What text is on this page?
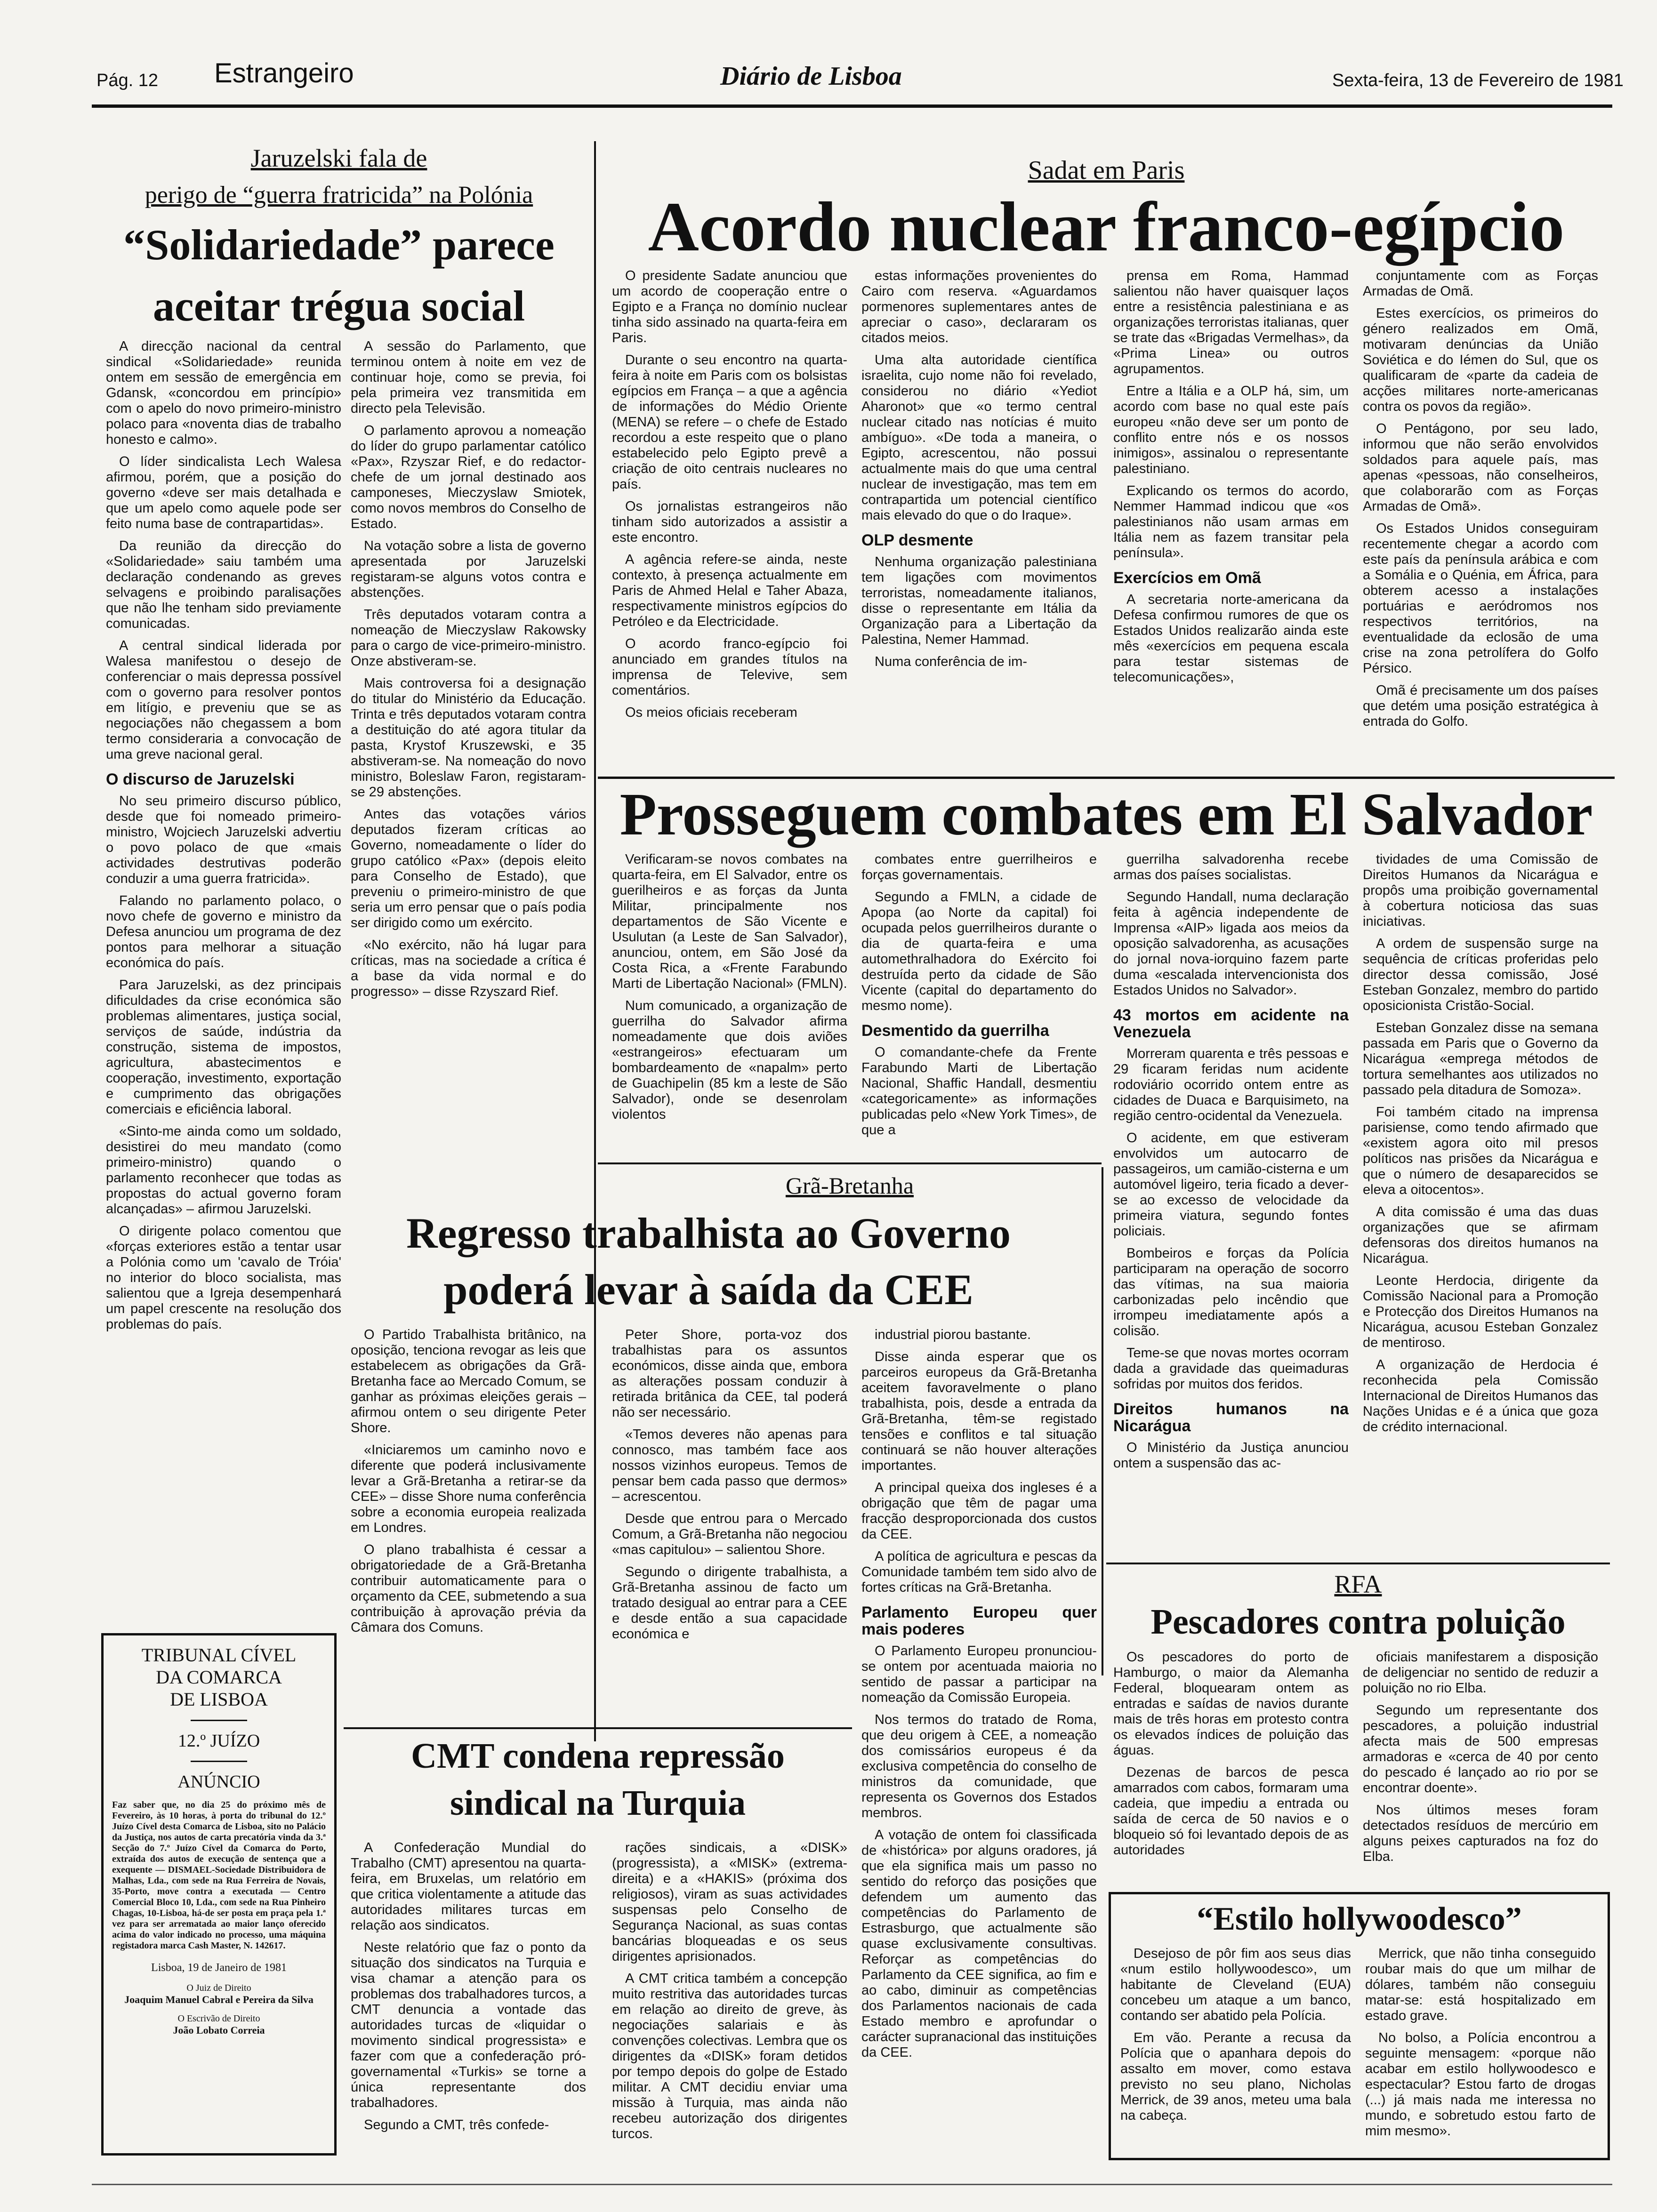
Pág. 12 Estrangeiro	Diário de Lisboa	Sexta-feira, 13 de Fevereiro de 1981
Jaruzelski fala de
perigo de “guerra fratricida” na Polónia
“Solidariedade” parece
aceitar trégua social

A direcção nacional da central sindical «Solidariedade» reunida ontem em sessão de emergência em Gdansk, «concordou em princípio» com o apelo do novo primeiro-ministro polaco para «noventa dias de trabalho honesto e calmo».

O líder sindicalista Lech Walesa afirmou, porém, que a posição do governo «deve ser mais detalhada e que um apelo como aquele pode ser feito numa base de contrapartidas».

Da reunião da direcção do «Solidariedade» saiu também uma declaração condenando as greves selvagens e proibindo paralisações que não lhe tenham sido previamente comunicadas.

A central sindical liderada por Walesa manifestou o desejo de conferenciar o mais depressa possível com o governo para resolver pontos em litígio, e preveniu que se as negociações não chegassem a bom termo consideraria a convocação de uma greve nacional geral.

O discurso de Jaruzelski

No seu primeiro discurso público, desde que foi nomeado primeiro-ministro, Wojciech Jaruzelski advertiu o povo polaco de que «mais actividades destrutivas poderão conduzir a uma guerra fratricida».

Falando no parlamento polaco, o novo chefe de governo e ministro da Defesa anunciou um programa de dez pontos para melhorar a situação económica do país.

Para Jaruzelski, as dez principais dificuldades da crise económica são problemas alimentares, justiça social, serviços de saúde, indústria da construção, sistema de impostos, agricultura, abastecimentos e cooperação, investimento, exportação e cumprimento das obrigações comerciais e eficiência laboral.

«Sinto-me ainda como um soldado, desistirei do meu mandato (como primeiro-ministro) quando o parlamento reconhecer que todas as propostas do actual governo foram alcançadas» – afirmou Jaruzelski.

O dirigente polaco comentou que «forças exteriores estão a tentar usar a Polónia como um 'cavalo de Tróia' no interior do bloco socialista, mas salientou que a Igreja desempenhará um papel crescente na resolução dos problemas do país.

A sessão do Parlamento, que terminou ontem à noite em vez de continuar hoje, como se previa, foi pela primeira vez transmitida em directo pela Televisão.

O parlamento aprovou a nomeação do líder do grupo parlamentar católico «Pax», Rzyszar Rief, e do redactor-chefe de um jornal destinado aos camponeses, Mieczyslaw Smiotek, como novos membros do Conselho de Estado.

Na votação sobre a lista de governo apresentada por Jaruzelski registaram-se alguns votos contra e abstenções.

Três deputados votaram contra a nomeação de Mieczyslaw Rakowsky para o cargo de vice-primeiro-ministro. Onze abstiveram-se.

Mais controversa foi a designação do titular do Ministério da Educação. Trinta e três deputados votaram contra a destituição do até agora titular da pasta, Krystof Kruszewski, e 35 abstiveram-se. Na nomeação do novo ministro, Boleslaw Faron, registaram-se 29 abstenções.

Antes das votações vários deputados fizeram críticas ao Governo, nomeadamente o líder do grupo católico «Pax» (depois eleito para Conselho de Estado), que preveniu o primeiro-ministro de que seria um erro pensar que o país podia ser dirigido como um exército.

«No exército, não há lugar para críticas, mas na sociedade a crítica é a base da vida normal e do progresso» – disse Rzyszard Rief.

Sadat em Paris
Acordo nuclear franco-egípcio

O presidente Sadate anunciou que um acordo de cooperação entre o Egipto e a França no domínio nuclear tinha sido assinado na quarta-feira em Paris.

Durante o seu encontro na quarta-feira à noite em Paris com os bolsistas egípcios em França – a que a agência de informações do Médio Oriente (MENA) se refere – o chefe de Estado recordou a este respeito que o plano estabelecido pelo Egipto prevê a criação de oito centrais nucleares no país.

Os jornalistas estrangeiros não tinham sido autorizados a assistir a este encontro.

A agência refere-se ainda, neste contexto, à presença actualmente em Paris de Ahmed Helal e Taher Abaza, respectivamente ministros egípcios do Petróleo e da Electricidade.

O acordo franco-egípcio foi anunciado em grandes títulos na imprensa de Televive, sem comentários.

Os meios oficiais receberam

estas informações provenientes do Cairo com reserva. «Aguardamos pormenores suplementares antes de apreciar o caso», declararam os citados meios.

Uma alta autoridade científica israelita, cujo nome não foi revelado, considerou no diário «Yediot Aharonot» que «o termo central nuclear citado nas notícias é muito ambíguo». «De toda a maneira, o Egipto, acrescentou, não possui actualmente mais do que uma central nuclear de investigação, mas tem em contrapartida um potencial científico mais elevado do que o do Iraque».

OLP desmente

Nenhuma organização palestiniana tem ligações com movimentos terroristas, nomeadamente italianos, disse o representante em Itália da Organização para a Libertação da Palestina, Nemer Hammad.

Numa conferência de im-

prensa em Roma, Hammad salientou não haver quaisquer laços entre a resistência palestiniana e as organizações terroristas italianas, quer se trate das «Brigadas Vermelhas», da «Prima Linea» ou outros agrupamentos.

Entre a Itália e a OLP há, sim, um acordo com base no qual este país europeu «não deve ser um ponto de conflito entre nós e os nossos inimigos», assinalou o representante palestiniano.

Explicando os termos do acordo, Nemmer Hammad indicou que «os palestinianos não usam armas em Itália nem as fazem transitar pela península».

Exercícios em Omã

A secretaria norte-americana da Defesa confirmou rumores de que os Estados Unidos realizarão ainda este mês «exercícios em pequena escala para testar sistemas de telecomunicações»,

conjuntamente com as Forças Armadas de Omã.

Estes exercícios, os primeiros do género realizados em Omã, motivaram denúncias da União Soviética e do Iémen do Sul, que os qualificaram de «parte da cadeia de acções militares norte-americanas contra os povos da região».

O Pentágono, por seu lado, informou que não serão envolvidos soldados para aquele país, mas apenas «pessoas, não conselheiros, que colaborarão com as Forças Armadas de Omã».

Os Estados Unidos conseguiram recentemente chegar a acordo com este país da península arábica e com a Somália e o Quénia, em África, para obterem acesso a instalações portuárias e aeródromos nos respectivos territórios, na eventualidade da eclosão de uma crise na zona petrolífera do Golfo Pérsico.

Omã é precisamente um dos países que detém uma posição estratégica à entrada do Golfo.

Prosseguem combates em El Salvador

Verificaram-se novos combates na quarta-feira, em El Salvador, entre os guerilheiros e as forças da Junta Militar, principalmente nos departamentos de São Vicente e Usulutan (a Leste de San Salvador), anunciou, ontem, em São José da Costa Rica, a «Frente Farabundo Marti de Libertação Nacional» (FMLN).

Num comunicado, a organização de guerrilha do Salvador afirma nomeadamente que dois aviões «estrangeiros» efectuaram um bombardeamento de «napalm» perto de Guachipelin (85 km a leste de São Salvador), onde se desenrolam violentos

combates entre guerrilheiros e forças governamentais.

Segundo a FMLN, a cidade de Apopa (ao Norte da capital) foi ocupada pelos guerrilheiros durante o dia de quarta-feira e uma automethralhadora do Exército foi destruída perto da cidade de São Vicente (capital do departamento do mesmo nome).

Desmentido da guerrilha

O comandante-chefe da Frente Farabundo Marti de Libertação Nacional, Shaffic Handall, desmentiu «categoricamente» as informações publicadas pelo «New York Times», de que a

guerrilha salvadorenha recebe armas dos países socialistas.

Segundo Handall, numa declaração feita à agência independente de Imprensa «AIP» ligada aos meios da oposição salvadorenha, as acusações do jornal nova-iorquino fazem parte duma «escalada intervencionista dos Estados Unidos no Salvador».

43 mortos em acidente na Venezuela

Morreram quarenta e três pessoas e 29 ficaram feridas num acidente rodoviário ocorrido ontem entre as cidades de Duaca e Barquisimeto, na região centro-ocidental da Venezuela.

O acidente, em que estiveram envolvidos um autocarro de passageiros, um camião-cisterna e um automóvel ligeiro, teria ficado a dever-se ao excesso de velocidade da primeira viatura, segundo fontes policiais.

Bombeiros e forças da Polícia participaram na operação de socorro das vítimas, na sua maioria carbonizadas pelo incêndio que irrompeu imediatamente após a colisão.

Teme-se que novas mortes ocorram dada a gravidade das queimaduras sofridas por muitos dos feridos.

Direitos humanos na Nicarágua

O Ministério da Justiça anunciou ontem a suspensão das ac-

tividades de uma Comissão de Direitos Humanos da Nicarágua e propôs uma proibição governamental à cobertura noticiosa das suas iniciativas.

A ordem de suspensão surge na sequência de críticas proferidas pelo director dessa comissão, José Esteban Gonzalez, membro do partido oposicionista Cristão-Social.

Esteban Gonzalez disse na semana passada em Paris que o Governo da Nicarágua «emprega métodos de tortura semelhantes aos utilizados no passado pela ditadura de Somoza».

Foi também citado na imprensa parisiense, como tendo afirmado que «existem agora oito mil presos políticos nas prisões da Nicarágua e que o número de desaparecidos se eleva a oitocentos».

A dita comissão é uma das duas organizações que se afirmam defensoras dos direitos humanos na Nicarágua.

Leonte Herdocia, dirigente da Comissão Nacional para a Promoção e Protecção dos Direitos Humanos na Nicarágua, acusou Esteban Gonzalez de mentiroso.

A organização de Herdocia é reconhecida pela Comissão Internacional de Direitos Humanos das Nações Unidas e é a única que goza de crédito internacional.

Grã-Bretanha
Regresso trabalhista ao Governo
poderá levar à saída da CEE

O Partido Trabalhista britânico, na oposição, tenciona revogar as leis que estabelecem as obrigações da Grã-Bretanha face ao Mercado Comum, se ganhar as próximas eleições gerais – afirmou ontem o seu dirigente Peter Shore.

«Iniciaremos um caminho novo e diferente que poderá inclusivamente levar a Grã-Bretanha a retirar-se da CEE» – disse Shore numa conferência sobre a economia europeia realizada em Londres.

O plano trabalhista é cessar a obrigatoriedade de a Grã-Bretanha contribuir automaticamente para o orçamento da CEE, submetendo a sua contribuição à aprovação prévia da Câmara dos Comuns.

Peter Shore, porta-voz dos trabalhistas para os assuntos económicos, disse ainda que, embora as alterações possam conduzir à retirada britânica da CEE, tal poderá não ser necessário.

«Temos deveres não apenas para connosco, mas também face aos nossos vizinhos europeus. Temos de pensar bem cada passo que dermos» – acrescentou.

Desde que entrou para o Mercado Comum, a Grã-Bretanha não negociou «mas capitulou» – salientou Shore.

Segundo o dirigente trabalhista, a Grã-Bretanha assinou de facto um tratado desigual ao entrar para a CEE e desde então a sua capacidade económica e

industrial piorou bastante.

Disse ainda esperar que os parceiros europeus da Grã-Bretanha aceitem favoravelmente o plano trabalhista, pois, desde a entrada da Grã-Bretanha, têm-se registado tensões e conflitos e tal situação continuará se não houver alterações importantes.

A principal queixa dos ingleses é a obrigação que têm de pagar uma fracção desproporcionada dos custos da CEE.

A política de agricultura e pescas da Comunidade também tem sido alvo de fortes críticas na Grã-Bretanha.

Parlamento Europeu quer mais poderes

O Parlamento Europeu pronunciou-se ontem por acentuada maioria no sentido de passar a participar na nomeação da Comissão Europeia.

Nos termos do tratado de Roma, que deu origem à CEE, a nomeação dos comissários europeus é da exclusiva competência do conselho de ministros da comunidade, que representa os Governos dos Estados membros.

A votação de ontem foi classificada de «histórica» por alguns oradores, já que ela significa mais um passo no sentido do reforço das posições que defendem um aumento das competências do Parlamento de Estrasburgo, que actualmente são quase exclusivamente consultivas. Reforçar as competências do Parlamento da CEE significa, ao fim e ao cabo, diminuir as competências dos Parlamentos nacionais de cada Estado membro e aprofundar o carácter supranacional das instituições da CEE.

TRIBUNAL CÍVEL
DA COMARCA
DE LISBOA
12.º JUÍZO
ANÚNCIO
Faz saber que, no dia 25 do próximo mês de Fevereiro, às 10 horas, à porta do tribunal do 12.º Juízo Cível desta Comarca de Lisboa, sito no Palácio da Justiça, nos autos de carta precatória vinda da 3.ª Secção do 7.º Juízo Cível da Comarca do Porto, extraída dos autos de execução de sentença que a exequente — DISMAEL-Sociedade Distribuidora de Malhas, Lda., com sede na Rua Ferreira de Novais, 35-Porto, move contra a executada — Centro Comercial Bloco 10, Lda., com sede na Rua Pinheiro Chagas, 10-Lisboa, há-de ser posta em praça pela 1.ª vez para ser arrematada ao maior lanço oferecido acima do valor indicado no processo, uma máquina registadora marca Cash Master, N. 142617.
Lisboa, 19 de Janeiro de 1981
O Juiz de Direito
Joaquim Manuel Cabral e Pereira da Silva
O Escrivão de Direito
João Lobato Correia
CMT condena repressão
sindical na Turquia

A Confederação Mundial do Trabalho (CMT) apresentou na quarta-feira, em Bruxelas, um relatório em que critica violentamente a atitude das autoridades militares turcas em relação aos sindicatos.

Neste relatório que faz o ponto da situação dos sindicatos na Turquia e visa chamar a atenção para os problemas dos trabalhadores turcos, a CMT denuncia a vontade das autoridades turcas de «liquidar o movimento sindical progressista» e fazer com que a confederação pró-governamental «Turkis» se torne a única representante dos trabalhadores.

Segundo a CMT, três confede-

rações sindicais, a «DISK» (progressista), a «MISK» (extrema-direita) e a «HAKIS» (próxima dos religiosos), viram as suas actividades suspensas pelo Conselho de Segurança Nacional, as suas contas bancárias bloqueadas e os seus dirigentes aprisionados.

A CMT critica também a concepção muito restritiva das autoridades turcas em relação ao direito de greve, às negociações salariais e às convenções colectivas. Lembra que os dirigentes da «DISK» foram detidos por tempo depois do golpe de Estado militar. A CMT decidiu enviar uma missão à Turquia, mas ainda não recebeu autorização dos dirigentes turcos.

RFA
Pescadores contra poluição

Os pescadores do porto de Hamburgo, o maior da Alemanha Federal, bloquearam ontem as entradas e saídas de navios durante mais de três horas em protesto contra os elevados índices de poluição das águas.

Dezenas de barcos de pesca amarrados com cabos, formaram uma cadeia, que impediu a entrada ou saída de cerca de 50 navios e o bloqueio só foi levantado depois de as autoridades

oficiais manifestarem a disposição de deligenciar no sentido de reduzir a poluição no rio Elba.

Segundo um representante dos pescadores, a poluição industrial afecta mais de 500 empresas armadoras e «cerca de 40 por cento do pescado é lançado ao rio por se encontrar doente».

Nos últimos meses foram detectados resíduos de mercúrio em alguns peixes capturados na foz do Elba.

“Estilo hollywoodesco”

Desejoso de pôr fim aos seus dias «num estilo hollywoodesco», um habitante de Cleveland (EUA) concebeu um ataque a um banco, contando ser abatido pela Polícia.

Em vão. Perante a recusa da Polícia que o apanhara depois do assalto em mover, como estava previsto no seu plano, Nicholas Merrick, de 39 anos, meteu uma bala na cabeça.

Merrick, que não tinha conseguido roubar mais do que um milhar de dólares, também não conseguiu matar-se: está hospitalizado em estado grave.

No bolso, a Polícia encontrou a seguinte mensagem: «porque não acabar em estilo hollywoodesco e espectacular? Estou farto de drogas (...) já mais nada me interessa no mundo, e sobretudo estou farto de mim mesmo».
